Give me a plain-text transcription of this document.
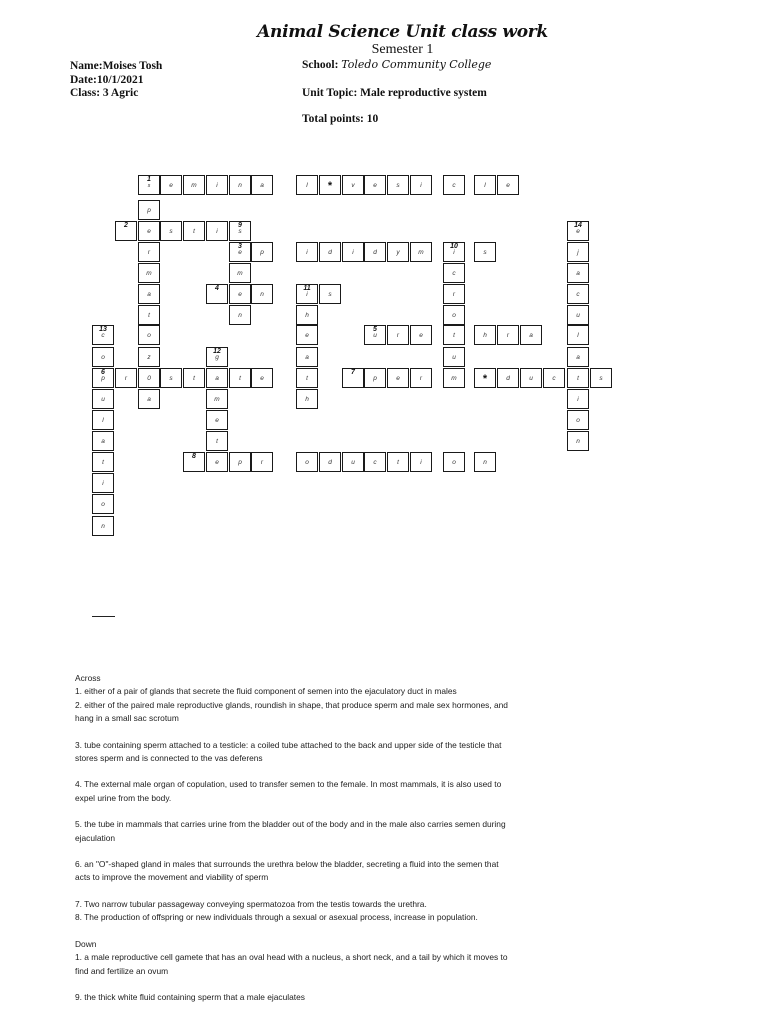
Animal Science Unit class work
Semester 1
Name:Moises Tosh
Date:10/1/2021
Class: 3 Agric
School: Toledo Community College
Unit Topic: Male reproductive system
Total points: 10
1
s	e	m	i	n	a	l	*	v	e	s	i	c	l	e
2
e	s	t	i
9
s
3
e	p	i	d	i	d	y	m
10
i	s
4
e	n
11
i	s
5
u	r	e	t	h	r	a
6
p	r	0	s	t	a	t	e
7
p	e	r	m	*	d	u	c	t	s
8
e	p	r	o	d	u	c	t	i	o	n
p
r
m
a
t
o
z
a
m
n
c
r
o
u
h
e
a
t
h
12
g
m
e
t
13
c
o
u
l
a
t
i
o
n
14
e
j
a
c
u
l
a
i
o
n

Across

1. either of a pair of glands that secrete the fluid component of semen into the ejaculatory duct in males

2. either of the paired male reproductive glands, roundish in shape, that produce sperm and male sex hormones, and hang in a small sac scrotum

3. tube containing sperm attached to a testicle: a coiled tube attached to the back and upper side of the testicle that stores sperm and is connected to the vas deferens

4. The external male organ of copulation, used to transfer semen to the female. In most mammals, it is also used to expel urine from the body.

5. the tube in mammals that carries urine from the bladder out of the body and in the male also carries semen during ejaculation

6. an "O"-shaped gland in males that surrounds the urethra below the bladder, secreting a fluid into the semen that acts to improve the movement and viability of sperm

7. Two narrow tubular passageway conveying spermatozoa from the testis towards the urethra.

8. The production of offspring or new individuals through a sexual or asexual process, increase in population.

Down

1. a male reproductive cell gamete that has an oval head with a nucleus, a short neck, and a tail by which it moves to find and fertilize an ovum

9. the thick white fluid containing sperm that a male ejaculates
